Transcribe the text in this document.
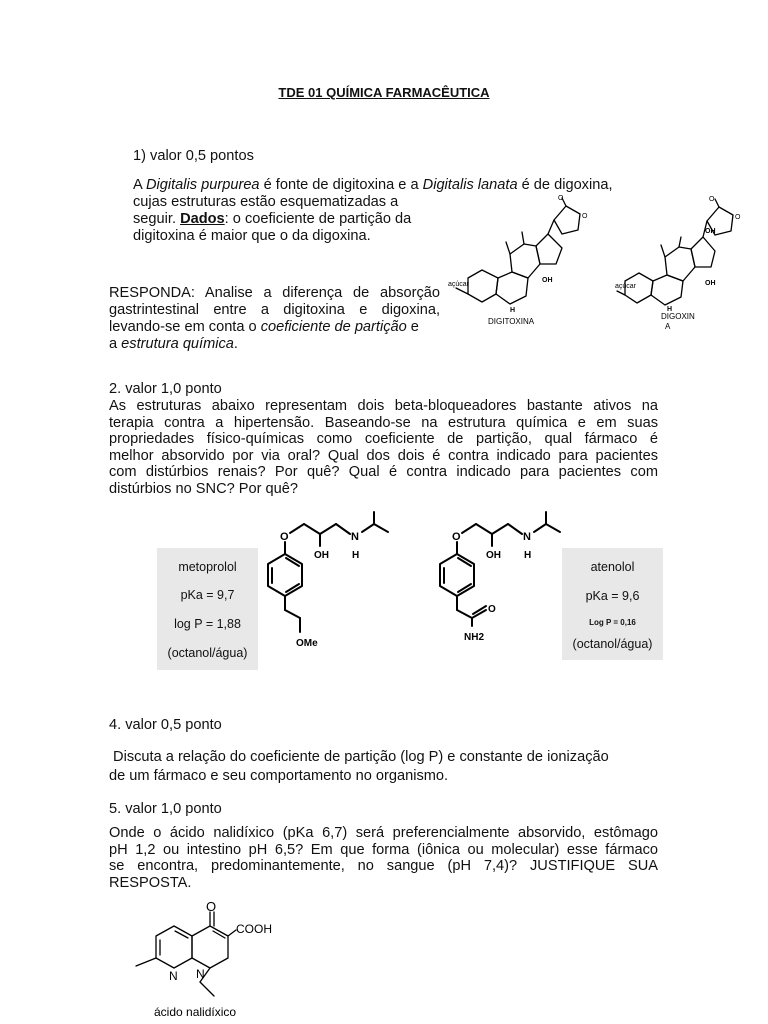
TDE 01 QUÍMICA FARMACÊUTICA
1) valor 0,5 pontos
A Digitalis purpurea é fonte de digitoxina e a Digitalis lanata é de digoxina,
cujas estruturas estão esquematizadas a
seguir. Dados: o coeficiente de partição da
digitoxina é maior que o da digoxina.
RESPONDA: Analise a diferença de absorção
gastrintestinal entre a digitoxina e digoxina,
levando-se em conta o coeficiente de partição e
a estrutura química.
O
O
OH
H
açúcar
DIGITOXINA
O
O
OH
OH
H
açúcar
DIGOXIN
A
2. valor 1,0 ponto
As estruturas abaixo representam dois beta-bloqueadores bastante ativos na
terapia contra a hipertensão. Baseando-se na estrutura química e em suas
propriedades físico-químicas como coeficiente de partição, qual fármaco é
melhor absorvido por via oral? Qual dos dois é contra indicado para pacientes
com distúrbios renais? Por quê? Qual é contra indicado para pacientes com
distúrbios no SNC? Por quê?
metoprolol
pKa = 9,7
log P = 1,88
(octanol/água)
O
OH
N
H
OMe
O
OH
N
H
O
NH2
atenolol
pKa = 9,6
Log P = 0,16
(octanol/água)
4. valor 0,5 ponto
Discuta a relação do coeficiente de partição (log P) e constante de ionização
de um fármaco e seu comportamento no organismo.
5. valor 1,0 ponto
Onde o ácido nalidíxico (pKa 6,7) será preferencialmente absorvido, estômago
pH 1,2 ou intestino pH 6,5? Em que forma (iônica ou molecular) esse fármaco
se encontra, predominantemente, no sangue (pH 7,4)? JUSTIFIQUE SUA
RESPOSTA.
O
COOH
N N
ácido nalidíxico
